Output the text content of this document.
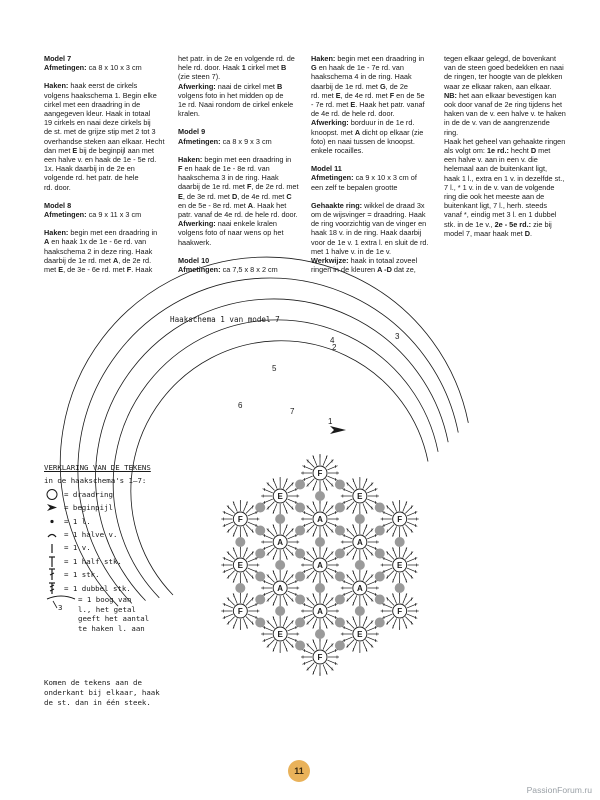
Model 7

Afmetingen: ca 8 x 10 x 3 cm

Haken: haak eerst de cirkels

volgens haakschema 1. Begin elke

cirkel met een draadring in de

aangegeven kleur. Haak in totaal

19 cirkels en naai deze cirkels bij

de st. met de grijze stip met 2 tot 3

overhandse steken aan elkaar. Hecht

dan met E bij de beginpijl aan met

een halve v. en haak de 1e - 5e rd.

1x. Haak daarbij in de 2e en

volgende rd. het patr. de hele

rd. door.

Model 8

Afmetingen: ca 9 x 11 x 3 cm

Haken: begin met een draadring in

A en haak 1x de 1e - 6e rd. van

haakschema 2 in deze ring. Haak

daarbij de 1e rd. met A, de 2e rd.

met E, de 3e - 6e rd. met F. Haak

het patr. in de 2e en volgende rd. de

hele rd. door. Haak 1 cirkel met B

(zie steen 7).

Afwerking: naai de cirkel met B

volgens foto in het midden op de

1e rd. Naai rondom de cirkel enkele

kralen.

Model 9

Afmetingen: ca 8 x 9 x 3 cm

Haken: begin met een draadring in

F en haak de 1e - 8e rd. van

haakschema 3 in de ring. Haak

daarbij de 1e rd. met F, de 2e rd. met

E, de 3e rd. met D, de 4e rd. met C

en de 5e - 8e rd. met A. Haak het

patr. vanaf de 4e rd. de hele rd. door.

Afwerking: naai enkele kralen

volgens foto of naar wens op het

haakwerk.

Model 10

Afmetingen: ca 7,5 x 8 x 2 cm

Haken: begin met een draadring in

G en haak de 1e - 7e rd. van

haakschema 4 in de ring. Haak

daarbij de 1e rd. met G, de 2e

rd. met E, de 4e rd. met F en de 5e

- 7e rd. met E. Haak het patr. vanaf

de 4e rd. de hele rd. door.

Afwerking: borduur in de 1e rd.

knoopst. met A dicht op elkaar (zie

foto) en naai tussen de knoopst.

enkele rocailles.

Model 11

Afmetingen: ca 9 x 10 x 3 cm of

een zelf te bepalen grootte

Gehaakte ring: wikkel de draad 3x

om de wijsvinger = draadring. Haak

de ring voorzichtig van de vinger en

haak 18 v. in de ring. Haak daarbij

voor de 1e v. 1 extra l. en sluit de rd.

met 1 halve v. in de 1e v.

Werkwijze: haak in totaal zoveel

ringen in de kleuren A -D dat ze,

tegen elkaar gelegd, de bovenkant

van de steen goed bedekken en naai

de ringen, ter hoogte van de plekken

waar ze elkaar raken, aan elkaar.

NB: het aan elkaar bevestigen kan

ook door vanaf de 2e ring tijdens het

haken van de v. een halve v. te haken

in de de v. van de aangrenzende

ring.

Haak het geheel van gehaakte ringen

als volgt om: 1e rd.: hecht D met

een halve v. aan in een v. die

helemaal aan de buitenkant ligt,

haak 1 l., extra en 1 v. in dezelfde st.,

7 l., * 1 v. in de v. van de volgende

ring die ook het meeste aan de

buitenkant ligt, 7 l., herh. steeds

vanaf *, eindig met 3 l. en 1 dubbel

stk. in de 1e v., 2e - 5e rd.: zie bij

model 7, maar haak met D.

Haakschema 1 van model 7
1
2
3
4
5
6
7
A
A
A
A
A
A
A	F
E
F
E
F
E
F
E
F
E
F
E
VERKLARING VAN DE TEKENS
in de haakschema's 1–7:
= draadring
= beginpijl
= 1 l.
= 1 halve v.
= 1 v.
= 1 half stk.
= 1 stk.
= 1 dubbel stk.
3
= 1 boog van
l., het getal
geeft het aantal
te haken l. aan
Komen de tekens aan de
onderkant bij elkaar, haak
de st. dan in één steek.
11
PassionForum.ru
